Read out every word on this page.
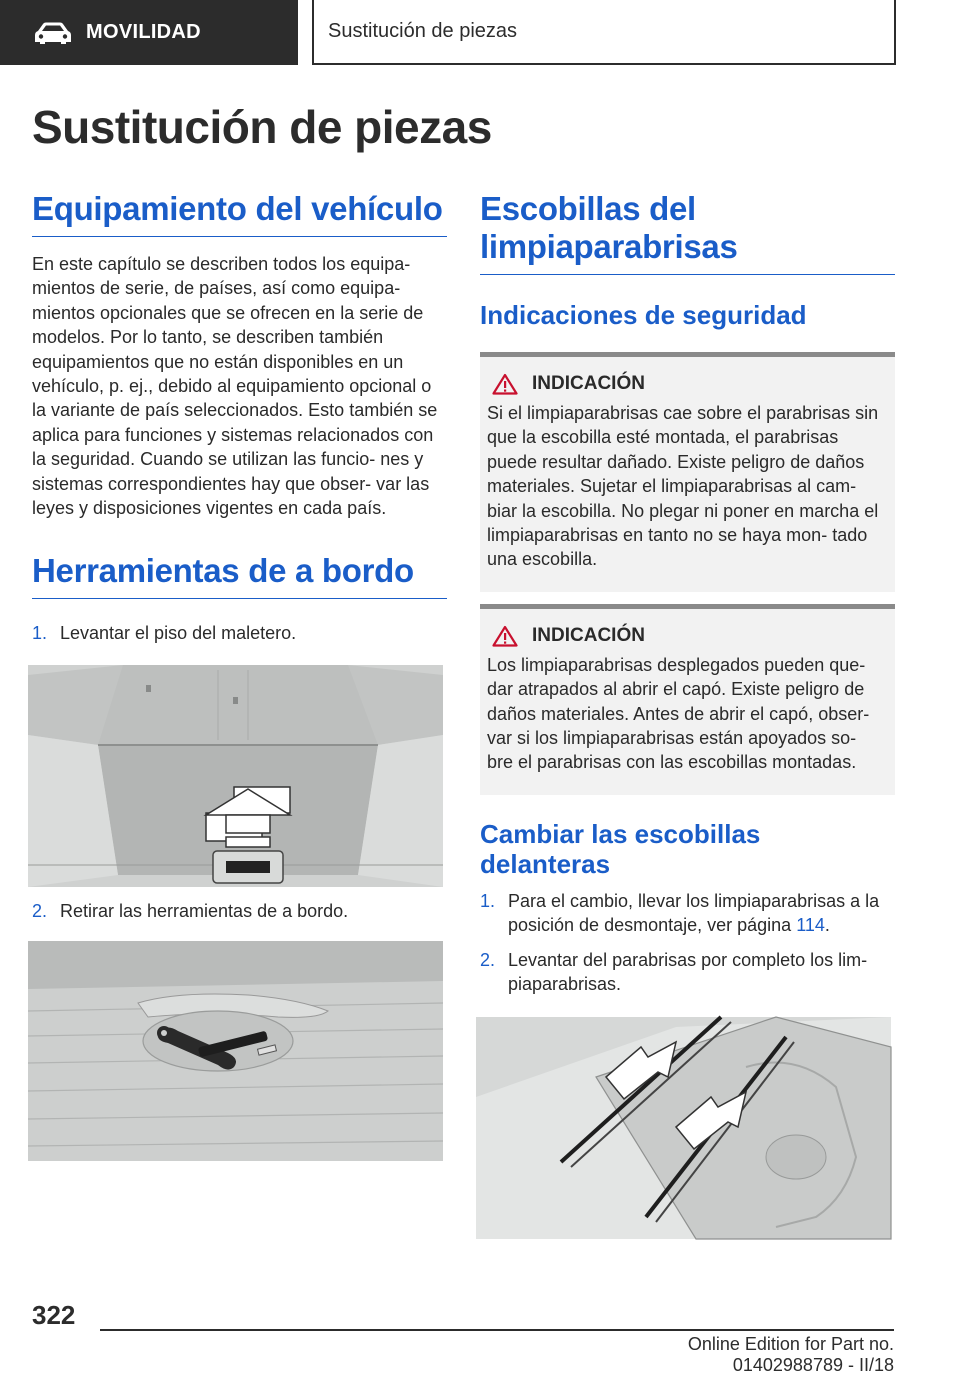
MOVILIDAD	Sustitución de piezas
Sustitución de piezas
Equipamiento del vehículo

En este capítulo se describen todos los equipa- mientos de serie, de países, así como equipa- mientos opcionales que se ofrecen en la serie de modelos. Por lo tanto, se describen también equipamientos que no están disponibles en un vehículo, p. ej., debido al equipamiento opcional o la variante de país seleccionados. Esto también se aplica para funciones y sistemas relacionados con la seguridad. Cuando se utilizan las funcio- nes y sistemas correspondientes hay que obser- var las leyes y disposiciones vigentes en cada país.

Herramientas de a bordo
1. Levantar el piso del maletero.
2. Retirar las herramientas de a bordo.
Escobillas del limpiaparabrisas
Indicaciones de seguridad
INDICACIÓN

Si el limpiaparabrisas cae sobre el parabrisas sin que la escobilla esté montada, el parabrisas puede resultar dañado. Existe peligro de daños materiales. Sujetar el limpiaparabrisas al cam- biar la escobilla. No plegar ni poner en marcha el limpiaparabrisas en tanto no se haya mon- tado una escobilla.

INDICACIÓN

Los limpiaparabrisas desplegados pueden que- dar atrapados al abrir el capó. Existe peligro de daños materiales. Antes de abrir el capó, obser- var si los limpiaparabrisas están apoyados so- bre el parabrisas con las escobillas montadas.

Cambiar las escobillas delanteras
1. Para el cambio, llevar los limpiaparabrisas a la posición de desmontaje, ver página 114.
2. Levantar del parabrisas por completo los lim- piaparabrisas.
322
Online Edition for Part no. 01402988789 - II/18
